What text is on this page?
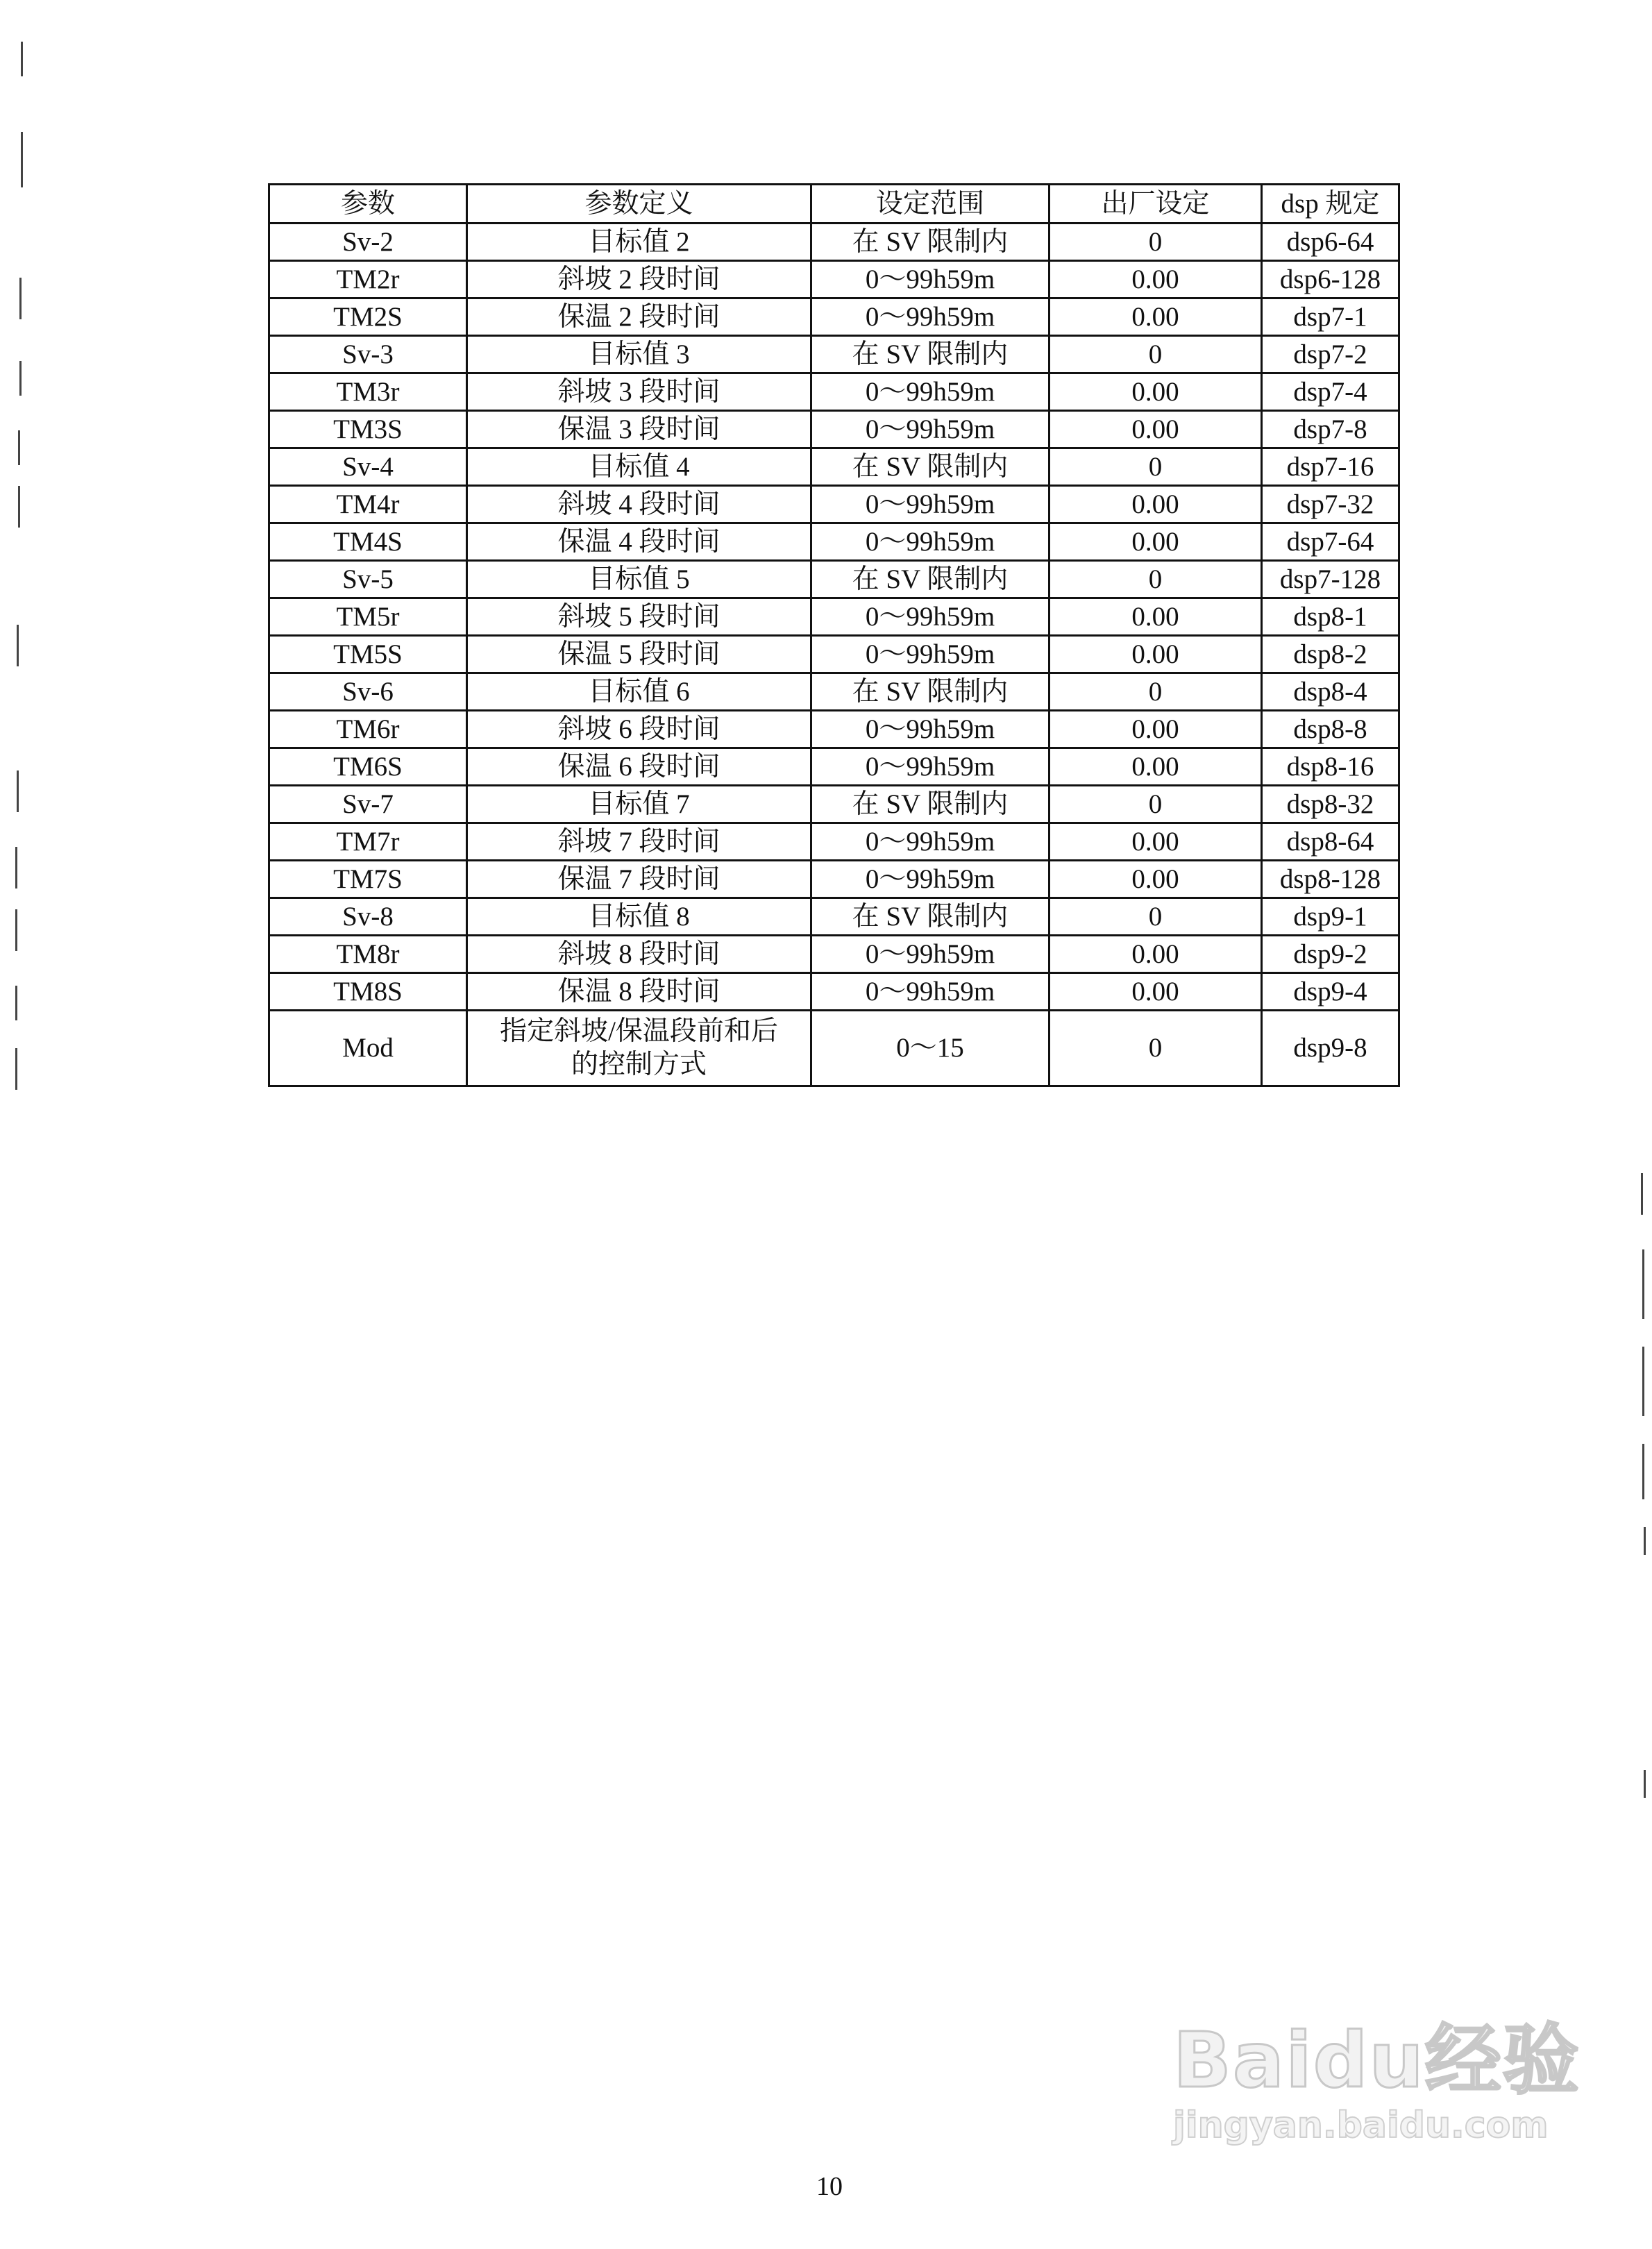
参数	参数定义	设定范围	出厂设定	dsp 规定
Sv-2	目标值 2	在 SV 限制内	0	dsp6-64
TM2r	斜坡 2 段时间	0～99h59m	0.00	dsp6-128
TM2S	保温 2 段时间	0～99h59m	0.00	dsp7-1
Sv-3	目标值 3	在 SV 限制内	0	dsp7-2
TM3r	斜坡 3 段时间	0～99h59m	0.00	dsp7-4
TM3S	保温 3 段时间	0～99h59m	0.00	dsp7-8
Sv-4	目标值 4	在 SV 限制内	0	dsp7-16
TM4r	斜坡 4 段时间	0～99h59m	0.00	dsp7-32
TM4S	保温 4 段时间	0～99h59m	0.00	dsp7-64
Sv-5	目标值 5	在 SV 限制内	0	dsp7-128
TM5r	斜坡 5 段时间	0～99h59m	0.00	dsp8-1
TM5S	保温 5 段时间	0～99h59m	0.00	dsp8-2
Sv-6	目标值 6	在 SV 限制内	0	dsp8-4
TM6r	斜坡 6 段时间	0～99h59m	0.00	dsp8-8
TM6S	保温 6 段时间	0～99h59m	0.00	dsp8-16
Sv-7	目标值 7	在 SV 限制内	0	dsp8-32
TM7r	斜坡 7 段时间	0～99h59m	0.00	dsp8-64
TM7S	保温 7 段时间	0～99h59m	0.00	dsp8-128
Sv-8	目标值 8	在 SV 限制内	0	dsp9-1
TM8r	斜坡 8 段时间	0～99h59m	0.00	dsp9-2
TM8S	保温 8 段时间	0～99h59m	0.00	dsp9-4
Mod	指定斜坡/保温段前和后的控制方式	0～15	0	dsp9-8
10
Baidu经验
jingyan.baidu.com
